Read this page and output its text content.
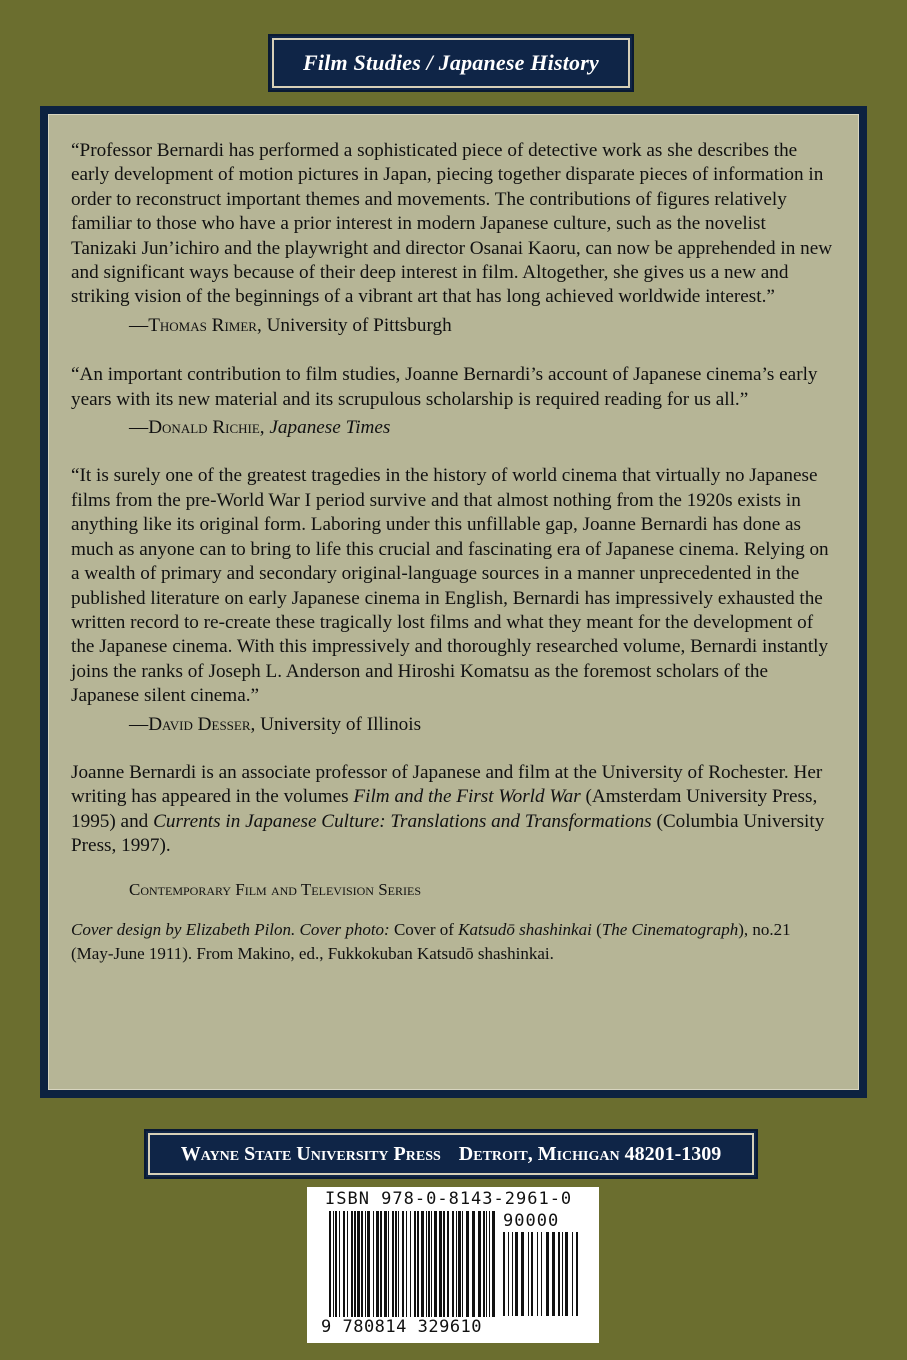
Film Studies / Japanese History

“Professor Bernardi has performed a sophisticated piece of detective work as she describes the early development of motion pictures in Japan, piecing together disparate pieces of information in order to reconstruct important themes and movements. The contributions of figures relatively familiar to those who have a prior interest in modern Japanese culture, such as the novelist Tanizaki Jun’ichiro and the playwright and director Osanai Kaoru, can now be apprehended in new and significant ways because of their deep interest in film. Altogether, she gives us a new and striking vision of the beginnings of a vibrant art that has long achieved worldwide interest.”

—Thomas Rimer, University of Pittsburgh

“An important contribution to film studies, Joanne Bernardi’s account of Japanese cinema’s early years with its new material and its scrupulous scholarship is required reading for us all.”

—Donald Richie, Japanese Times

“It is surely one of the greatest tragedies in the history of world cinema that virtually no Japanese films from the pre-World War I period survive and that almost nothing from the 1920s exists in anything like its original form. Laboring under this unfillable gap, Joanne Bernardi has done as much as anyone can to bring to life this crucial and fascinating era of Japanese cinema. Relying on a wealth of primary and secondary original-language sources in a manner unprecedented in the published literature on early Japanese cinema in English, Bernardi has impressively exhausted the written record to re-create these tragically lost films and what they meant for the development of the Japanese cinema. With this impressively and thoroughly researched volume, Bernardi instantly joins the ranks of Joseph L. Anderson and Hiroshi Komatsu as the foremost scholars of the Japanese silent cinema.”

—David Desser, University of Illinois

Joanne Bernardi is an associate professor of Japanese and film at the University of Rochester. Her writing has appeared in the volumes Film and the First World War (Amsterdam University Press, 1995) and Currents in Japanese Culture: Translations and Transformations (Columbia University Press, 1997).

Contemporary Film and Television Series

Cover design by Elizabeth Pilon. Cover photo: Cover of Katsudō shashinkai (The Cinematograph), no.21 (May-June 1911). From Makino, ed., Fukkokuban Katsudō shashinkai.

Wayne State University Press Detroit, Michigan 48201-1309
ISBN 978-0-8143-2961-0
90000
9 780814 329610
